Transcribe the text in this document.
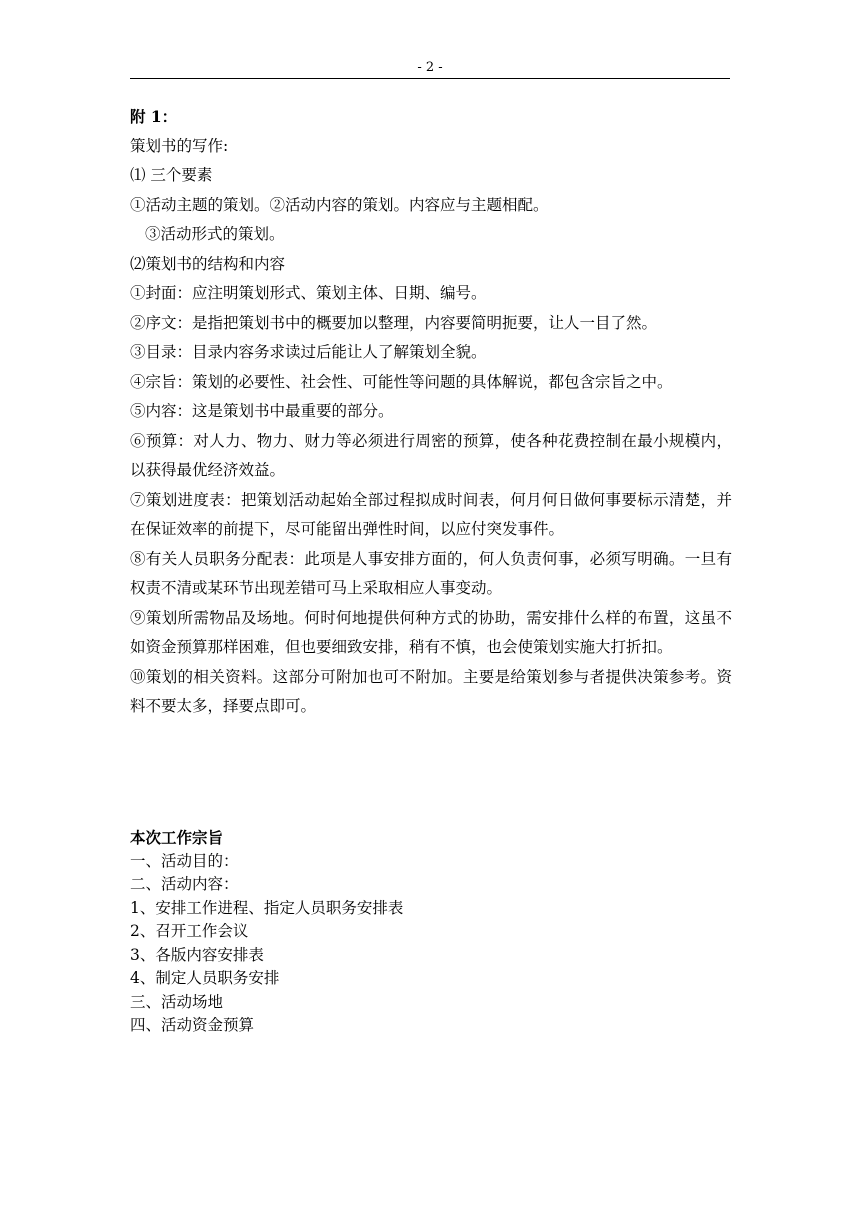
- 2 -

附 1：

策划书的写作:

⑴ 三个要素

①活动主题的策划。②活动内容的策划。内容应与主题相配。

③活动形式的策划。

⑵策划书的结构和内容

①封面：应注明策划形式、策划主体、日期、编号。

②序文：是指把策划书中的概要加以整理，内容要简明扼要，让人一目了然。

③目录：目录内容务求读过后能让人了解策划全貌。

④宗旨：策划的必要性、社会性、可能性等问题的具体解说，都包含宗旨之中。

⑤内容：这是策划书中最重要的部分。

⑥预算：对人力、物力、财力等必须进行周密的预算，使各种花费控制在最小规模内，以获得最优经济效益。

⑦策划进度表：把策划活动起始全部过程拟成时间表，何月何日做何事要标示清楚，并在保证效率的前提下，尽可能留出弹性时间，以应付突发事件。

⑧有关人员职务分配表：此项是人事安排方面的，何人负责何事，必须写明确。一旦有权责不清或某环节出现差错可马上采取相应人事变动。

⑨策划所需物品及场地。何时何地提供何种方式的协助，需安排什么样的布置，这虽不如资金预算那样困难，但也要细致安排，稍有不慎，也会使策划实施大打折扣。

⑩策划的相关资料。这部分可附加也可不附加。主要是给策划参与者提供决策参考。资料不要太多，择要点即可。

本次工作宗旨

一、活动目的：

二、活动内容：

1、安排工作进程、指定人员职务安排表

2、召开工作会议

3、各版内容安排表

4、制定人员职务安排

三、活动场地

四、活动资金预算
